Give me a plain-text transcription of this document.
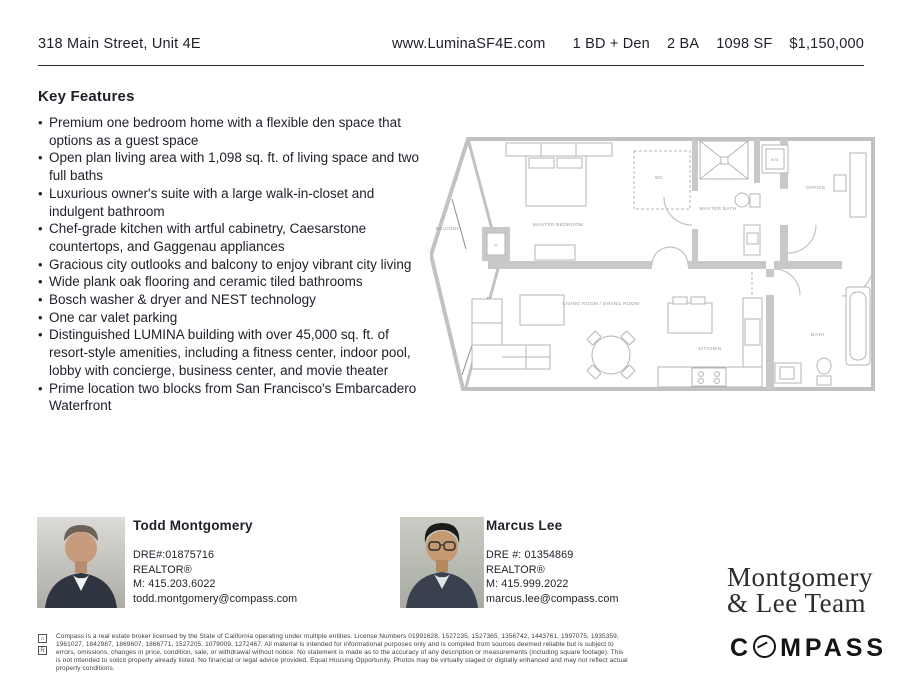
318 Main Street, Unit 4E	www.LuminaSF4E.com 1 BD + Den 2 BA 1098 SF $1,150,000
Key Features
• Premium one bedroom home with a flexible den space that options as a guest space
• Open plan living area with 1,098 sq. ft. of living space and two full baths
• Luxurious owner's suite with a large walk-in-closet and indulgent bathroom
• Chef-grade kitchen with artful cabinetry, Caesarstone countertops, and Gaggenau appliances
• Gracious city outlooks and balcony to enjoy vibrant city living
• Wide plank oak flooring and ceramic tiled bathrooms
• Bosch washer & dryer and NEST technology
• One car valet parking
• Distinguished LUMINA building with over 45,000 sq. ft. of resort-style amenities, including a fitness center, indoor pool, lobby with concierge, business center, and movie theater
• Prime location two blocks from San Francisco's Embarcadero Waterfront
BALCONY
MASTER BEDROOM
WC
MASTER BATH
W/D
OFFICE
LIVING ROOM / DINING ROOM
KITCHEN
BATH
HF
Todd Montgomery
DRE#:01875716
REALTOR®
M: 415.203.6022
todd.montgomery@compass.com
Marcus Lee
DRE #: 01354869
REALTOR®
M: 415.999.2022
marcus.lee@compass.com
Montgomery
& Lee Team
C MPASS
⌂
R
Compass is a real estate broker licensed by the State of California operating under multiple entities. License Numbers 01991628, 1527235, 1527365, 1356742, 1443761, 1997075, 1935359, 1961027, 1842987, 1869607, 1866771, 1527205, 1079009, 1272467. All material is intended for informational purposes only and is compiled from sources deemed reliable but is subject to errors, omissions, changes in price, condition, sale, or withdrawal without notice. No statement is made as to the accuracy of any description or measurements (including square footage). This is not intended to solicit property already listed. No financial or legal advice provided. Equal Housing Opportunity. Photos may be virtually staged or digitally enhanced and may not reflect actual property conditions.
